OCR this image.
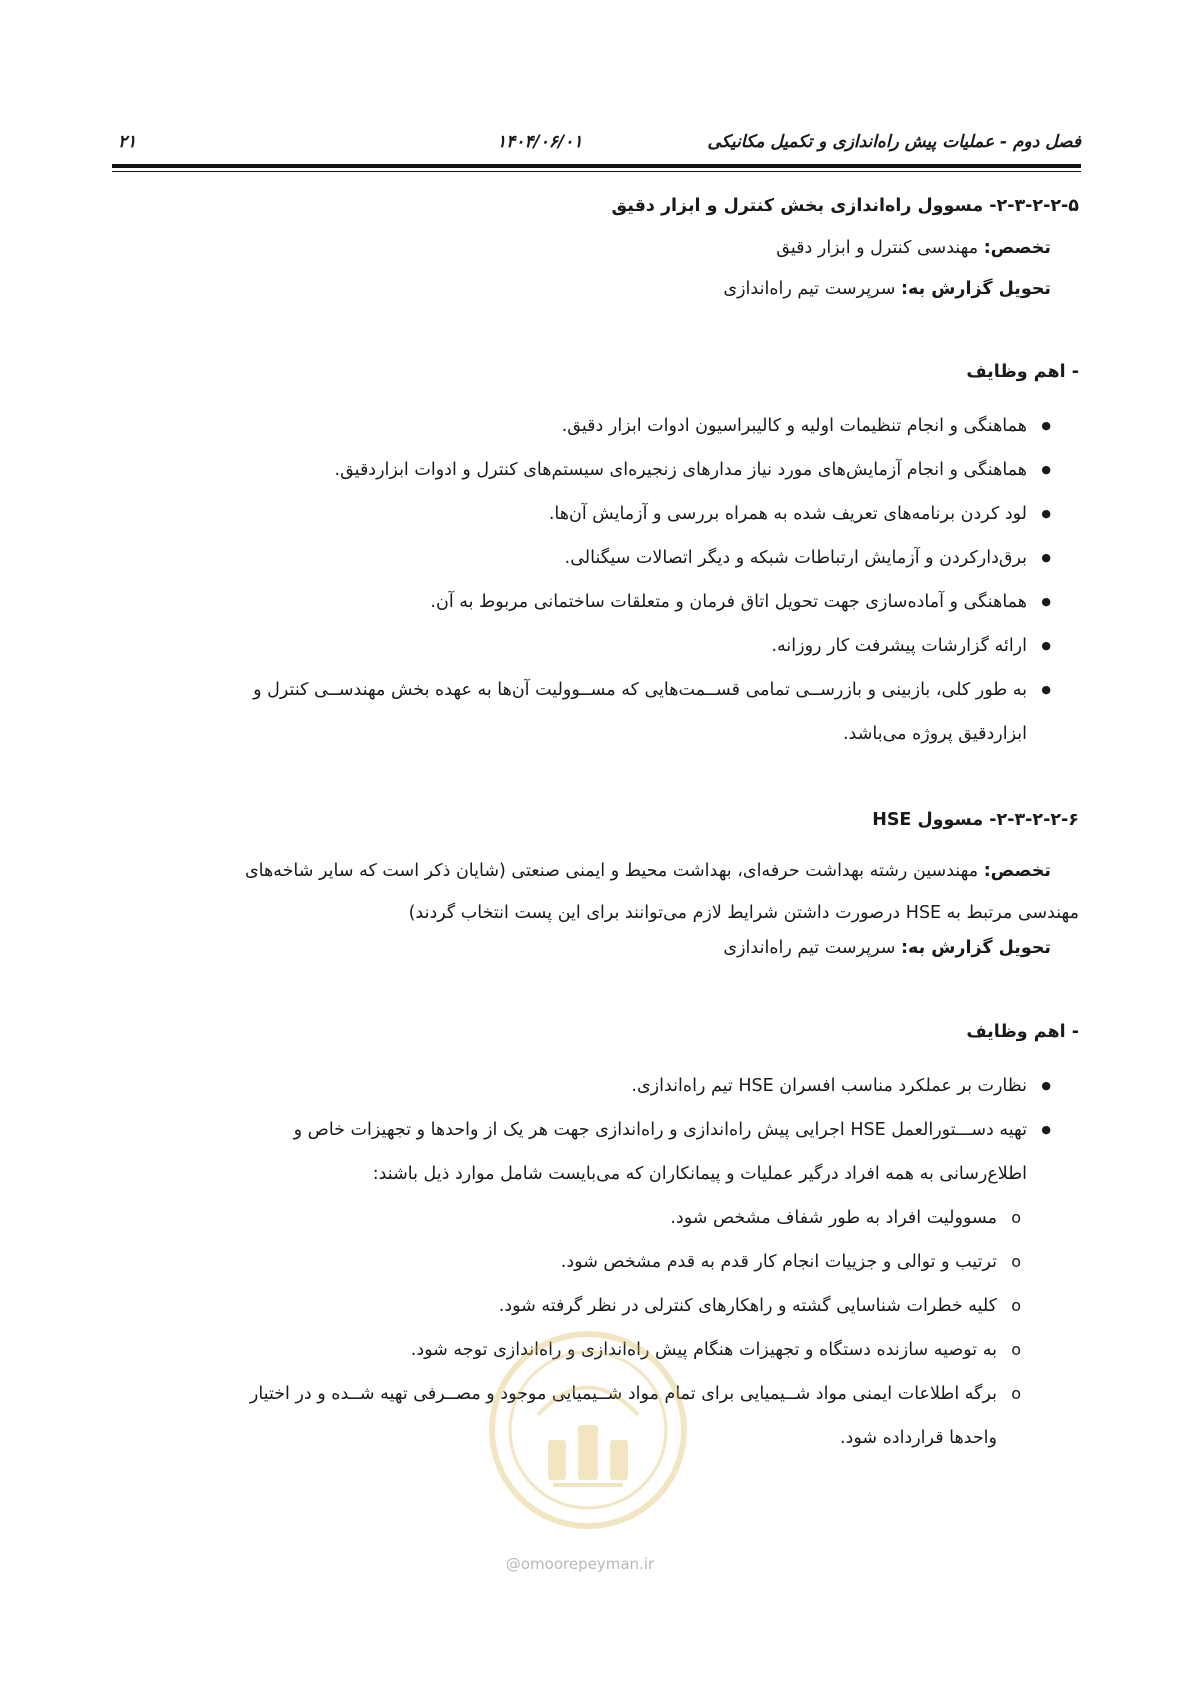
فصل دوم - عملیات پیش راه‌اندازی و تکمیل مکانیکی
۱۴۰۴/۰۶/۰۱
۲۱
۲-۳-۲-۲-۵- مسوول راه‌اندازی بخش کنترل و ابزار دقیق
تخصص: مهندسی کنترل و ابزار دقیق
تحویل گزارش به: سرپرست تیم راه‌اندازی
- اهم وظایف
● هماهنگی و انجام تنظیمات اولیه و کالیبراسیون ادوات ابزار دقیق.
● هماهنگی و انجام آزمایش‌های مورد نیاز مدارهای زنجیره‌ای سیستم‌های کنترل و ادوات ابزاردقیق.
● لود کردن برنامه‌های تعریف شده به همراه بررسی و آزمایش آن‌ها.
● برق‌دارکردن و آزمایش ارتباطات شبکه و دیگر اتصالات سیگنالی.
● هماهنگی و آماده‌سازی جهت تحویل اتاق فرمان و متعلقات ساختمانی مربوط به آن.
● ارائه گزارشات پیشرفت کار روزانه.
● به طور کلی، بازبینی و بازرســی تمامی قســمت‌هایی که مســوولیت آن‌ها به عهده بخش مهندســی کنترل و
ابزاردقیق پروژه می‌باشد.
۲-۳-۲-۲-۶- مسوول HSE
تخصص: مهندسین رشته بهداشت حرفه‌ای، بهداشت محیط و ایمنی صنعتی (شایان ذکر است که سایر شاخه‌های
مهندسی مرتبط به HSE درصورت داشتن شرایط لازم می‌توانند برای این پست انتخاب گردند)
تحویل گزارش به: سرپرست تیم راه‌اندازی
- اهم وظایف
● نظارت بر عملکرد مناسب افسران HSE تیم راه‌اندازی.
● تهیه دســـتورالعمل HSE اجرایی پیش راه‌اندازی و راه‌اندازی جهت هر یک از واحدها و تجهیزات خاص و
اطلاع‌رسانی به همه افراد درگیر عملیات و پیمانکاران که می‌بایست شامل موارد ذیل باشند:
o مسوولیت افراد به طور شفاف مشخص شود.
o ترتیب و توالی و جزییات انجام کار قدم به قدم مشخص شود.
o کلیه خطرات شناسایی گشته و راهکارهای کنترلی در نظر گرفته شود.
o به توصیه سازنده دستگاه و تجهیزات هنگام پیش راه‌اندازی و راه‌اندازی توجه شود.
o برگه اطلاعات ایمنی مواد شــیمیایی برای تمام مواد شــیمیایی موجود و مصــرفی تهیه شــده و در اختیار
واحدها قرارداده شود.
@omoorepeyman.ir
